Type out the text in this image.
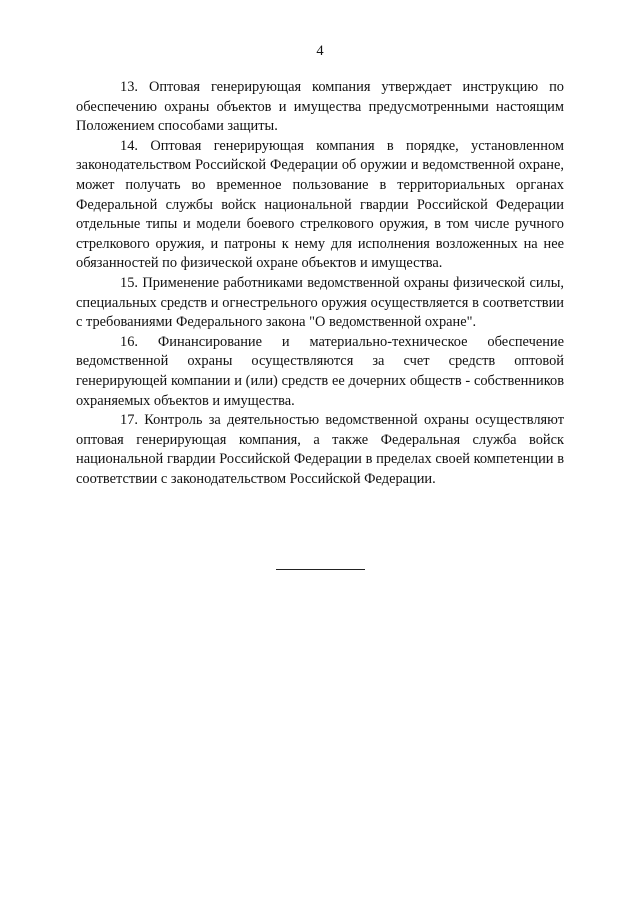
4

13. Оптовая генерирующая компания утверждает инструкцию по обеспечению охраны объектов и имущества предусмотренными настоящим Положением способами защиты.

14. Оптовая генерирующая компания в порядке, установленном законодательством Российской Федерации об оружии и ведомственной охране, может получать во временное пользование в территориальных органах Федеральной службы войск национальной гвардии Российской Федерации отдельные типы и модели боевого стрелкового оружия, в том числе ручного стрелкового оружия, и патроны к нему для исполнения возложенных на нее обязанностей по физической охране объектов и имущества.

15. Применение работниками ведомственной охраны физической силы, специальных средств и огнестрельного оружия осуществляется в соответствии с требованиями Федерального закона "О ведомственной охране".

16. Финансирование и материально-техническое обеспечение ведомственной охраны осуществляются за счет средств оптовой генерирующей компании и (или) средств ее дочерних обществ - собственников охраняемых объектов и имущества.

17. Контроль за деятельностью ведомственной охраны осуществляют оптовая генерирующая компания, а также Федеральная служба войск национальной гвардии Российской Федерации в пределах своей компетенции в соответствии с законодательством Российской Федерации.
